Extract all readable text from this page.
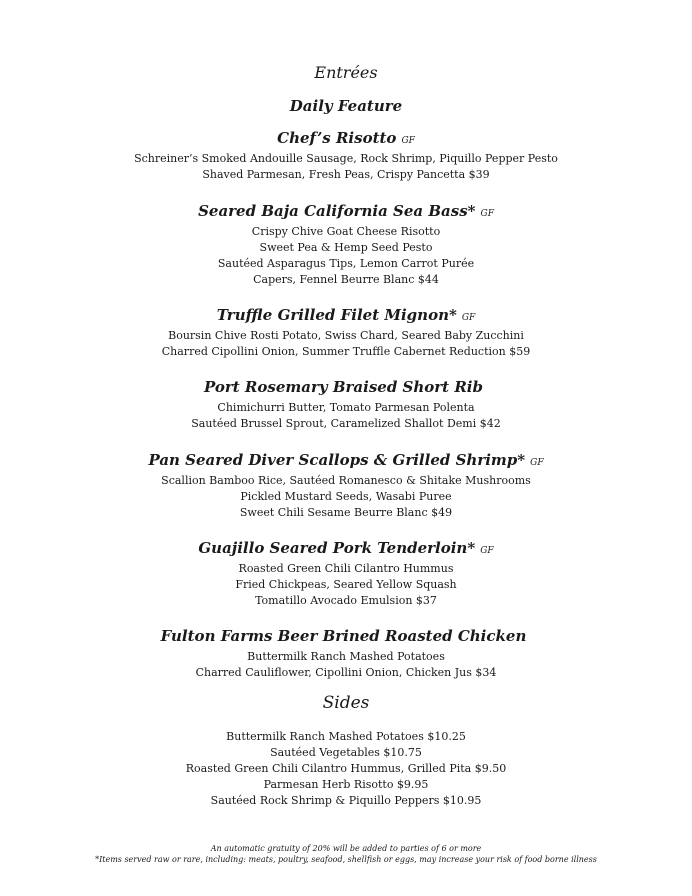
Entrées
Daily Feature
Chef’s Risotto GF
Schreiner’s Smoked Andouille Sausage, Rock Shrimp, Piquillo Pepper Pesto
Shaved Parmesan, Fresh Peas, Crispy Pancetta $39
Seared Baja California Sea Bass* GF
Crispy Chive Goat Cheese Risotto
Sweet Pea & Hemp Seed Pesto
Sautéed Asparagus Tips, Lemon Carrot Purée
Capers, Fennel Beurre Blanc $44
Truffle Grilled Filet Mignon* GF
Boursin Chive Rosti Potato, Swiss Chard, Seared Baby Zucchini
Charred Cipollini Onion, Summer Truffle Cabernet Reduction $59
Port Rosemary Braised Short Rib
Chimichurri Butter, Tomato Parmesan Polenta
Sautéed Brussel Sprout, Caramelized Shallot Demi $42
Pan Seared Diver Scallops & Grilled Shrimp* GF
Scallion Bamboo Rice, Sautéed Romanesco & Shitake Mushrooms
Pickled Mustard Seeds, Wasabi Puree
Sweet Chili Sesame Beurre Blanc $49
Guajillo Seared Pork Tenderloin* GF
Roasted Green Chili Cilantro Hummus
Fried Chickpeas, Seared Yellow Squash
Tomatillo Avocado Emulsion $37
Fulton Farms Beer Brined Roasted Chicken
Buttermilk Ranch Mashed Potatoes
Charred Cauliflower, Cipollini Onion, Chicken Jus $34
Sides
Buttermilk Ranch Mashed Potatoes $10.25
Sautéed Vegetables $10.75
Roasted Green Chili Cilantro Hummus, Grilled Pita $9.50
Parmesan Herb Risotto $9.95
Sautéed Rock Shrimp & Piquillo Peppers $10.95
An automatic gratuity of 20% will be added to parties of 6 or more
*Items served raw or rare, including: meats, poultry, seafood, shellfish or eggs, may increase your risk of food borne illness
